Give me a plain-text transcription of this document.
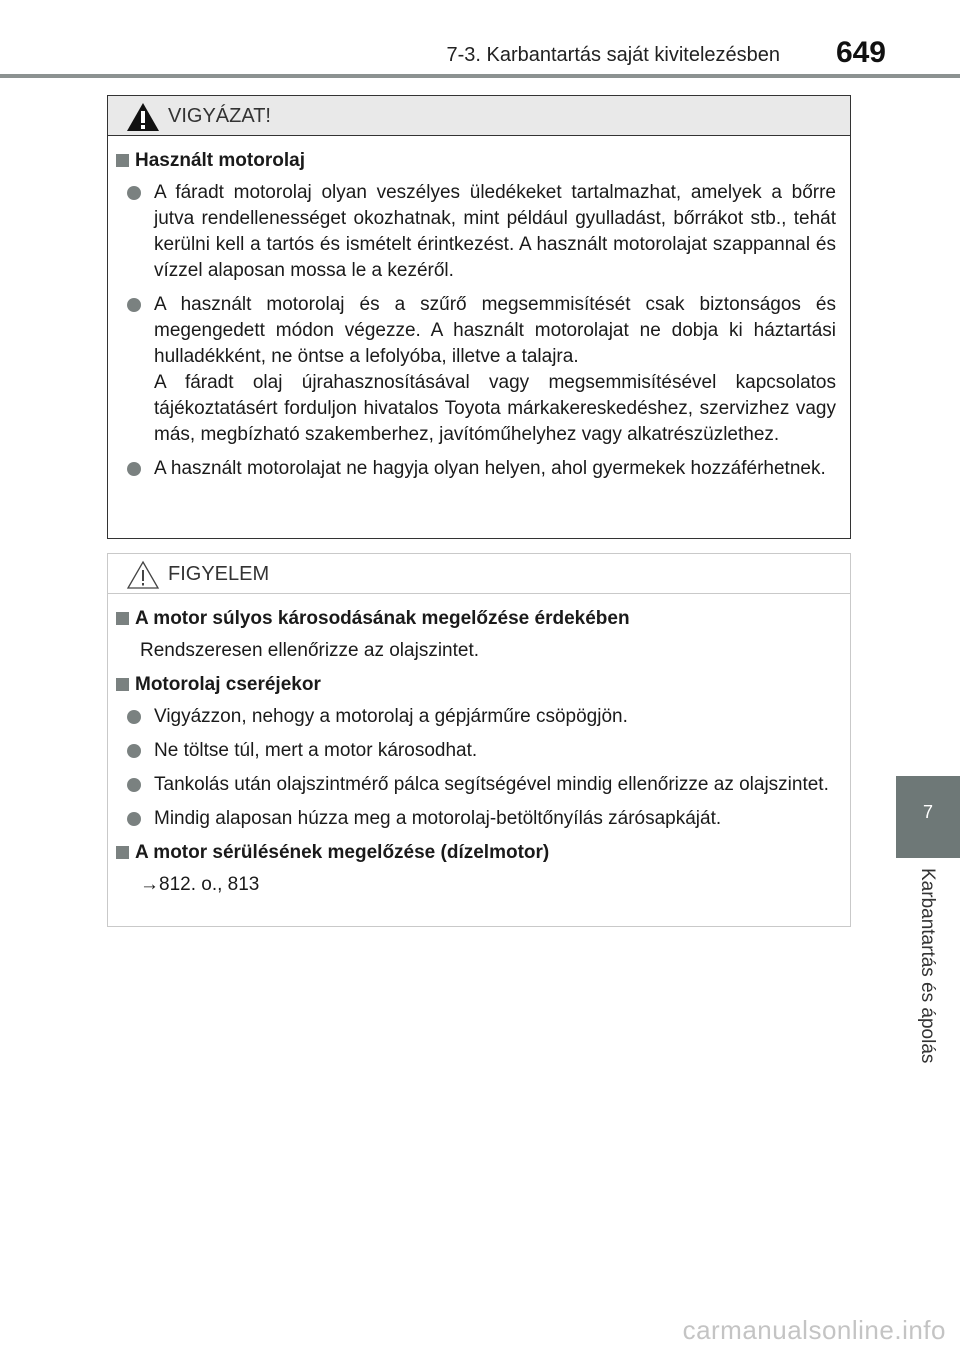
7-3. Karbantartás saját kivitelezésben 649
7
Karbantartás és ápolás
VIGYÁZAT!
Használt motorolaj

A fáradt motorolaj olyan veszélyes üledékeket tartalmazhat, amelyek a bőrre jutva rendellenességet okozhatnak, mint például gyulladást, bőrrákot stb., tehát kerülni kell a tartós és ismételt érintkezést. A használt motorolajat szappannal és vízzel alaposan mossa le a kezéről.

A használt motorolaj és a szűrő megsemmisítését csak biztonságos és megengedett módon végezze. A használt motorolajat ne dobja ki háztartási hulladékként, ne öntse a lefolyóba, illetve a talajra.

A fáradt olaj újrahasznosításával vagy megsemmisítésével kapcsolatos tájékoztatásért forduljon hivatalos Toyota márkakereskedéshez, szervizhez vagy más, megbízható szakemberhez, javítóműhelyhez vagy alkatrészüzlethez.

A használt motorolajat ne hagyja olyan helyen, ahol gyermekek hozzáférhetnek.

FIGYELEM
A motor súlyos károsodásának megelőzése érdekében
Rendszeresen ellenőrizze az olajszintet.
Motorolaj cseréjekor

Vigyázzon, nehogy a motorolaj a gépjárműre csöpögjön.

Ne töltse túl, mert a motor károsodhat.

Tankolás után olajszintmérő pálca segítségével mindig ellenőrizze az olajszintet.

Mindig alaposan húzza meg a motorolaj-betöltőnyílás zárósapkáját.

A motor sérülésének megelőzése (dízelmotor)
→812. o., 813
carmanualsonline.info
